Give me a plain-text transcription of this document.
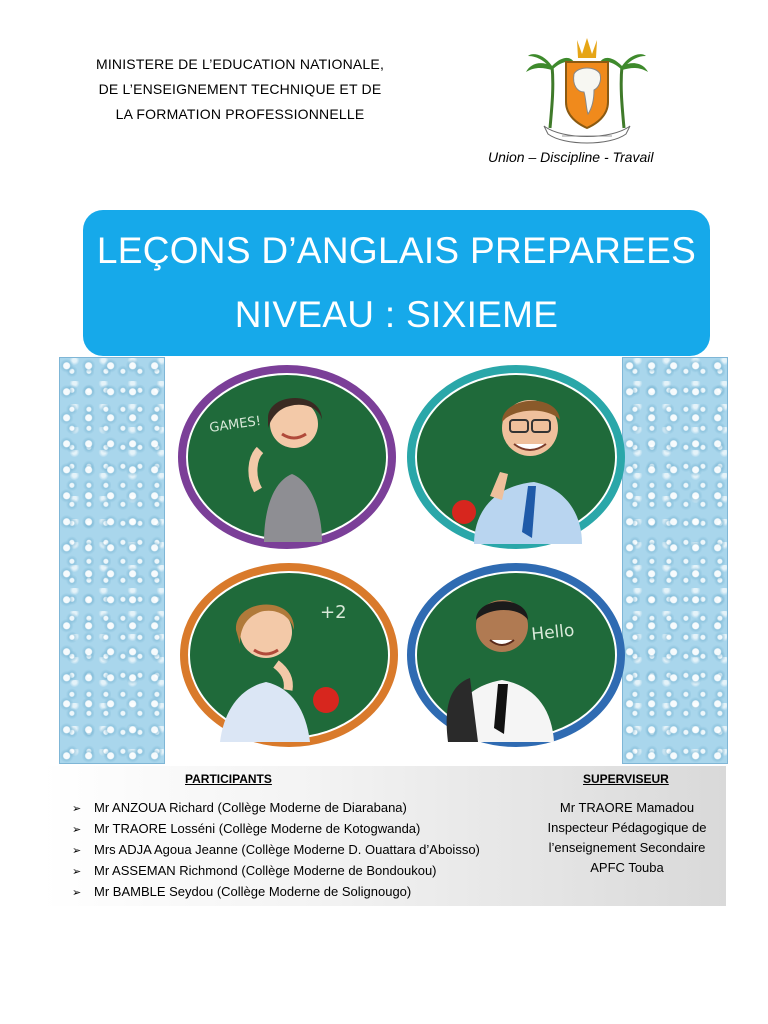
MINISTERE DE L’EDUCATION NATIONALE,
DE L’ENSEIGNEMENT TECHNIQUE ET DE
LA FORMATION PROFESSIONNELLE
Union – Discipline - Travail
LEÇONS D’ANGLAIS PREPAREES
NIVEAU : SIXIEME
GAMES!
+2
Hello
PARTICIPANTS	SUPERVISEUR
➢ Mr ANZOUA Richard (Collège Moderne de Diarabana)
➢ Mr TRAORE Losséni (Collège Moderne de Kotogwanda)
➢ Mrs ADJA Agoua Jeanne (Collège Moderne D. Ouattara d’Aboisso)
➢ Mr ASSEMAN Richmond (Collège Moderne de Bondoukou)
➢ Mr BAMBLE Seydou (Collège Moderne de Solignougo)
Mr TRAORE Mamadou
Inspecteur Pédagogique de
l’enseignement Secondaire
APFC Touba
